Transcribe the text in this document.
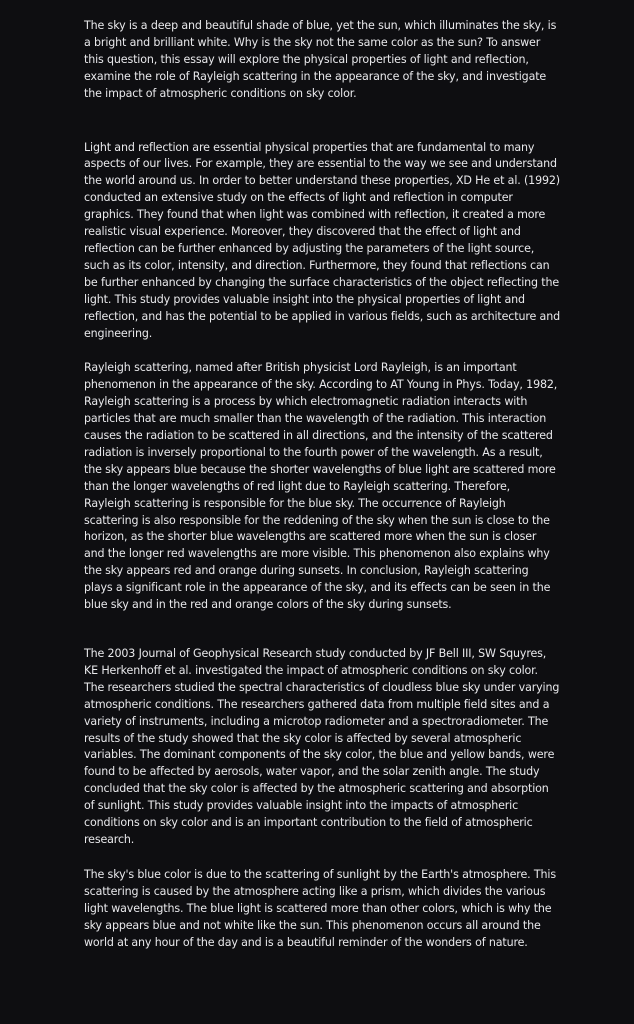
The sky is a deep and beautiful shade of blue, yet the sun, which illuminates the sky, is a bright and brilliant white. Why is the sky not the same color as the sun? To answer this question, this essay will explore the physical properties of light and reflection, examine the role of Rayleigh scattering in the appearance of the sky, and investigate the impact of atmospheric conditions on sky color.

Light and reflection are essential physical properties that are fundamental to many aspects of our lives. For example, they are essential to the way we see and understand the world around us. In order to better understand these properties, XD He et al. (1992) conducted an extensive study on the effects of light and reflection in computer graphics. They found that when light was combined with reflection, it created a more realistic visual experience. Moreover, they discovered that the effect of light and reflection can be further enhanced by adjusting the parameters of the light source, such as its color, intensity, and direction. Furthermore, they found that reflections can be further enhanced by changing the surface characteristics of the object reflecting the light. This study provides valuable insight into the physical properties of light and reflection, and has the potential to be applied in various fields, such as architecture and engineering.

Rayleigh scattering, named after British physicist Lord Rayleigh, is an important phenomenon in the appearance of the sky. According to AT Young in Phys. Today, 1982, Rayleigh scattering is a process by which electromagnetic radiation interacts with particles that are much smaller than the wavelength of the radiation. This interaction causes the radiation to be scattered in all directions, and the intensity of the scattered radiation is inversely proportional to the fourth power of the wavelength. As a result, the sky appears blue because the shorter wavelengths of blue light are scattered more than the longer wavelengths of red light due to Rayleigh scattering. Therefore, Rayleigh scattering is responsible for the blue sky. The occurrence of Rayleigh scattering is also responsible for the reddening of the sky when the sun is close to the horizon, as the shorter blue wavelengths are scattered more when the sun is closer and the longer red wavelengths are more visible. This phenomenon also explains why the sky appears red and orange during sunsets. In conclusion, Rayleigh scattering plays a significant role in the appearance of the sky, and its effects can be seen in the blue sky and in the red and orange colors of the sky during sunsets.

The 2003 Journal of Geophysical Research study conducted by JF Bell III, SW Squyres, KE Herkenhoff et al. investigated the impact of atmospheric conditions on sky color. The researchers studied the spectral characteristics of cloudless blue sky under varying atmospheric conditions. The researchers gathered data from multiple field sites and a variety of instruments, including a microtop radiometer and a spectroradiometer. The results of the study showed that the sky color is affected by several atmospheric variables. The dominant components of the sky color, the blue and yellow bands, were found to be affected by aerosols, water vapor, and the solar zenith angle. The study concluded that the sky color is affected by the atmospheric scattering and absorption of sunlight. This study provides valuable insight into the impacts of atmospheric conditions on sky color and is an important contribution to the field of atmospheric research.

The sky's blue color is due to the scattering of sunlight by the Earth's atmosphere. This scattering is caused by the atmosphere acting like a prism, which divides the various light wavelengths. The blue light is scattered more than other colors, which is why the sky appears blue and not white like the sun. This phenomenon occurs all around the world at any hour of the day and is a beautiful reminder of the wonders of nature.
